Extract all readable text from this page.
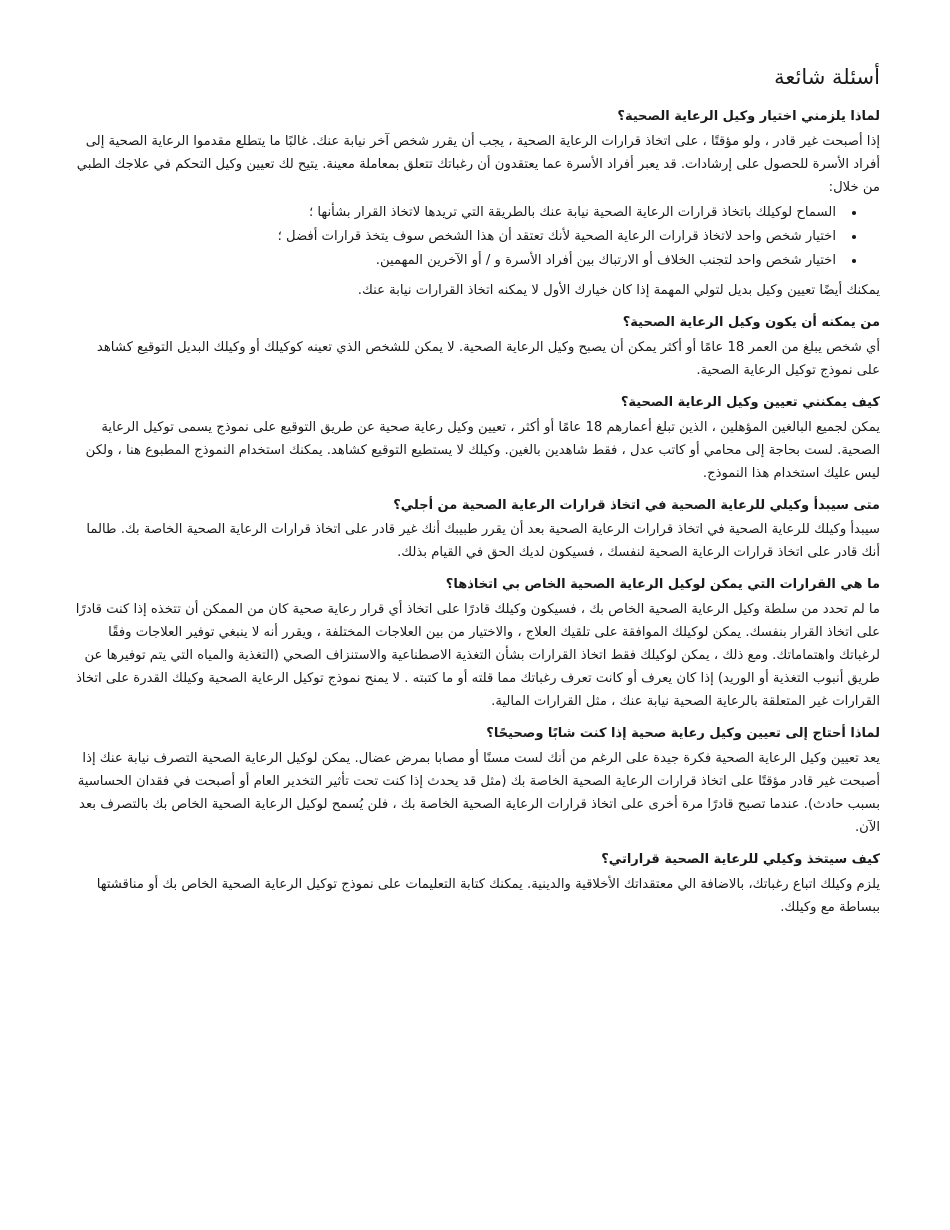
أسئلة شائعة
لماذا يلزمني اختيار وكيل الرعاية الصحية؟

إذا أصبحت غير قادر ، ولو مؤقتًا ، على اتخاذ قرارات الرعاية الصحية ، يجب أن يقرر شخص آخر نيابة عنك. غالبًا ما يتطلع مقدموا الرعاية الصحية إلى أفراد الأسرة للحصول على إرشادات. قد يعبر أفراد الأسرة عما يعتقدون أن رغباتك تتعلق بمعاملة معينة. يتيح لك تعيين وكيل التحكم في علاجك الطبي من خلال:

• السماح لوكيلك باتخاذ قرارات الرعاية الصحية نيابة عنك بالطريقة التي تريدها لاتخاذ القرار بشأنها ؛
• اختيار شخص واحد لاتخاذ قرارات الرعاية الصحية لأنك تعتقد أن هذا الشخص سوف يتخذ قرارات أفضل ؛
• اختيار شخص واحد لتجنب الخلاف أو الارتباك بين أفراد الأسرة و / أو الآخرين المهمين.

يمكنك أيضًا تعيين وكيل بديل لتولي المهمة إذا كان خيارك الأول لا يمكنه اتخاذ القرارات نيابة عنك.

من يمكنه أن يكون وكيل الرعاية الصحية؟

أي شخص يبلغ من العمر 18 عامًا أو أكثر يمكن أن يصبح وكيل الرعاية الصحية. لا يمكن للشخص الذي تعينه كوكيلك أو وكيلك البديل التوقيع كشاهد على نموذج توكيل الرعاية الصحية.

كيف يمكنني تعيين وكيل الرعاية الصحية؟

يمكن لجميع البالغين المؤهلين ، الذين تبلغ أعمارهم 18 عامًا أو أكثر ، تعيين وكيل رعاية صحية عن طريق التوقيع على نموذج يسمى توكيل الرعاية الصحية. لست بحاجة إلى محامي أو كاتب عدل ، فقط شاهدين بالغين. وكيلك لا يستطيع التوقيع كشاهد. يمكنك استخدام النموذج المطبوع هنا ، ولكن ليس عليك استخدام هذا النموذج.

متى سيبدأ وكيلي للرعاية الصحية في اتخاذ قرارات الرعاية الصحية من أجلي؟

سيبدأ وكيلك للرعاية الصحية في اتخاذ قرارات الرعاية الصحية بعد أن يقرر طبيبك أنك غير قادر على اتخاذ قرارات الرعاية الصحية الخاصة بك. طالما أنك قادر على اتخاذ قرارات الرعاية الصحية لنفسك ، فسيكون لديك الحق في القيام بذلك.

ما هي القرارات التي يمكن لوكيل الرعاية الصحية الخاص بي اتخاذها؟

ما لم تحدد من سلطة وكيل الرعاية الصحية الخاص بك ، فسيكون وكيلك قادرًا على اتخاذ أي قرار رعاية صحية كان من الممكن أن تتخذه إذا كنت قادرًا على اتخاذ القرار بنفسك. يمكن لوكيلك الموافقة على تلقيك العلاج ، والاختيار من بين العلاجات المختلفة ، ويقرر أنه لا ينبغي توفير العلاجات وفقًا لرغباتك واهتماماتك. ومع ذلك ، يمكن لوكيلك فقط اتخاذ القرارات بشأن التغذية الاصطناعية والاستنزاف الصحي (التغذية والمياه التي يتم توفيرها عن طريق أنبوب التغذية أو الوريد) إذا كان يعرف أو كانت تعرف رغباتك مما قلته أو ما كتبته . لا يمنح نموذج توكيل الرعاية الصحية وكيلك القدرة على اتخاذ القرارات غير المتعلقة بالرعاية الصحية نيابة عنك ، مثل القرارات المالية.

لماذا أحتاج إلى تعيين وكيل رعاية صحية إذا كنت شابًا وصحيحًا؟

يعد تعيين وكيل الرعاية الصحية فكرة جيدة على الرغم من أنك لست مسنًا أو مصابا بمرض عضال. يمكن لوكيل الرعاية الصحية التصرف نيابة عنك إذا أصبحت غير قادر مؤقتًا على اتخاذ قرارات الرعاية الصحية الخاصة بك (مثل قد يحدث إذا كنت تحت تأثير التخدير العام أو أصبحت في فقدان الحساسية بسبب حادث). عندما تصبح قادرًا مرة أخرى على اتخاذ قرارات الرعاية الصحية الخاصة بك ، فلن يُسمح لوكيل الرعاية الصحية الخاص بك بالتصرف بعد الآن.

كيف سيتخذ وكيلي للرعاية الصحية قراراتي؟

يلزم وكيلك اتباع رغباتك، بالاضافة الي معتقداتك الأخلاقية والدينية. يمكنك كتابة التعليمات على نموذج توكيل الرعاية الصحية الخاص بك أو مناقشتها ببساطة مع وكيلك.
